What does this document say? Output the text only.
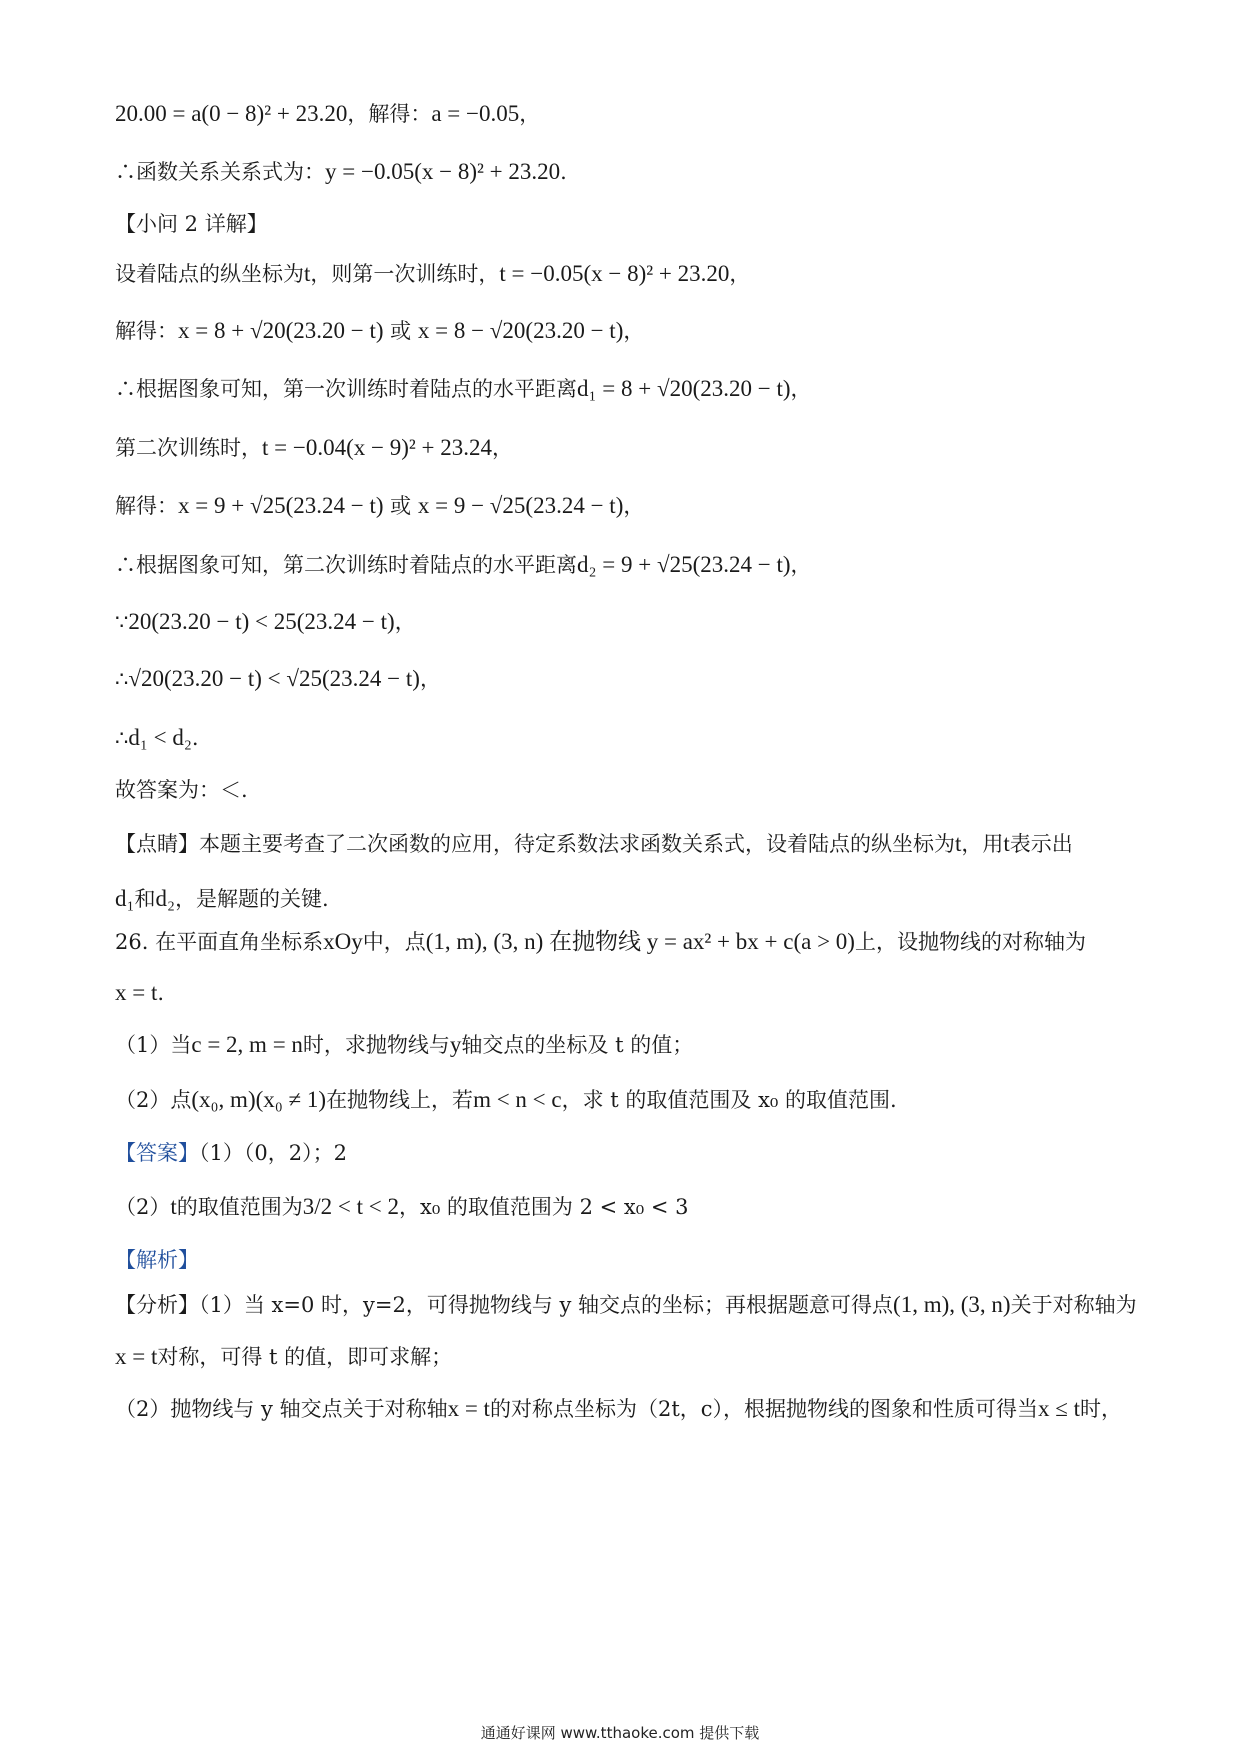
20.00 = a(0 − 8)² + 23.20，解得：a = −0.05，
∴函数关系关系式为：y = −0.05(x − 8)² + 23.20.
【小问 2 详解】
设着陆点的纵坐标为t，则第一次训练时，t = −0.05(x − 8)² + 23.20，
解得：x = 8 + √20(23.20 − t) 或 x = 8 − √20(23.20 − t)，
∴根据图象可知，第一次训练时着陆点的水平距离d₁ = 8 + √20(23.20 − t)，
第二次训练时，t = −0.04(x − 9)² + 23.24，
解得：x = 9 + √25(23.24 − t) 或 x = 9 − √25(23.24 − t)，
∴根据图象可知，第二次训练时着陆点的水平距离d₂ = 9 + √25(23.24 − t)，
∵20(23.20 − t) < 25(23.24 − t)，
∴√20(23.20 − t) < √25(23.24 − t)，
∴d₁ < d₂.
故答案为：＜.
【点睛】本题主要考查了二次函数的应用，待定系数法求函数关系式，设着陆点的纵坐标为t，用t表示出
d₁和d₂，是解题的关键.
26. 在平面直角坐标系xOy中，点(1, m), (3, n) 在抛物线 y = ax² + bx + c(a > 0)上，设抛物线的对称轴为
x = t.
（1）当c = 2, m = n时，求抛物线与y轴交点的坐标及 t 的值；
（2）点(x₀, m)(x₀ ≠ 1)在抛物线上，若m < n < c，求 t 的取值范围及 x₀ 的取值范围.
【答案】（1）（0，2）；2
（2）t的取值范围为3/2 < t < 2，x₀ 的取值范围为 2 < x₀ < 3
【解析】
【分析】（1）当 x=0 时，y=2，可得抛物线与 y 轴交点的坐标；再根据题意可得点(1, m), (3, n)关于对称轴为
x = t对称，可得 t 的值，即可求解；
（2）抛物线与 y 轴交点关于对称轴x = t的对称点坐标为（2t，c），根据抛物线的图象和性质可得当x ≤ t时，
通通好课网 www.tthaoke.com 提供下载
